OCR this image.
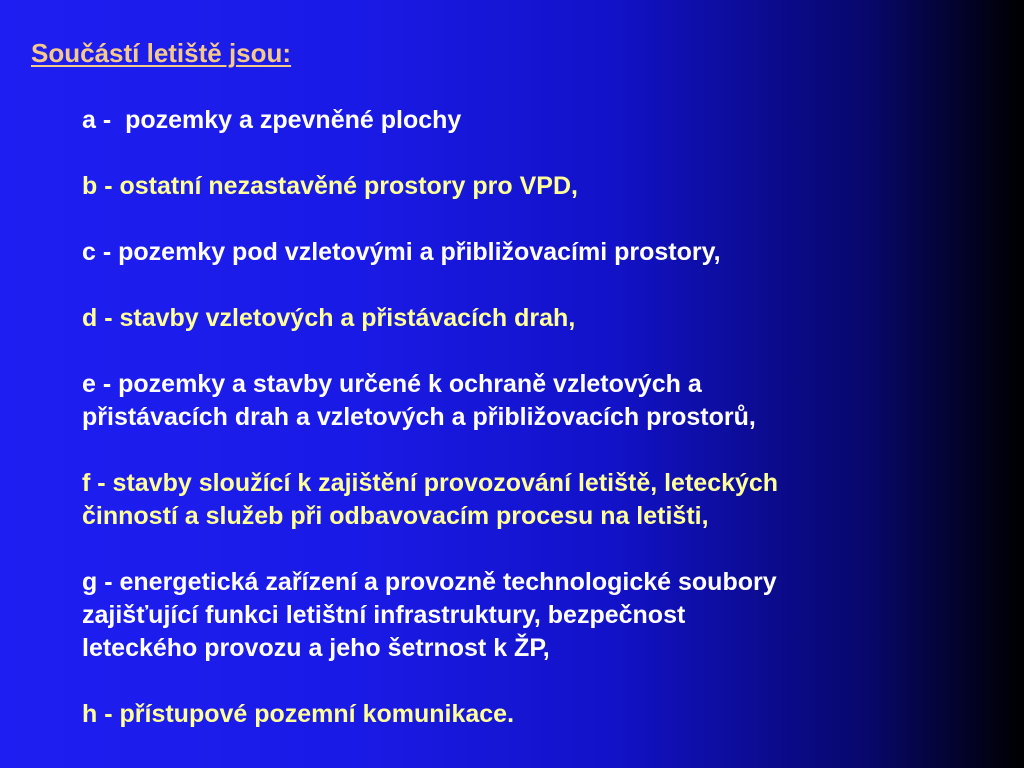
Součástí letiště jsou:
a -  pozemky a zpevněné plochy
b - ostatní nezastavěné prostory pro VPD,
c - pozemky pod vzletovými a přibližovacími prostory,
d - stavby vzletových a přistávacích drah,
e - pozemky a stavby určené k ochraně vzletových a
přistávacích drah a vzletových a přibližovacích prostorů,
f - stavby sloužící k zajištění provozování letiště, leteckých
činností a služeb při odbavovacím procesu na letišti,
g - energetická zařízení a provozně technologické soubory
zajišťující funkci letištní infrastruktury, bezpečnost
leteckého provozu a jeho šetrnost k ŽP,
h - přístupové pozemní komunikace.
